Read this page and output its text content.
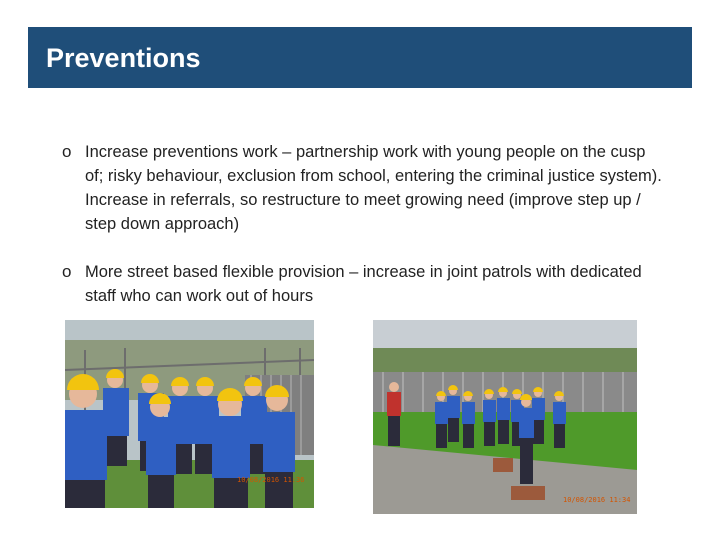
Preventions
o Increase preventions work – partnership work with young people on the cusp of; risky behaviour, exclusion from school, entering the criminal justice system). Increase in referrals, so restructure to meet growing need (improve step up / step down approach)
o More street based flexible provision – increase in joint patrols with dedicated staff who can work out of hours
10/08/2016 11:36
10/08/2016 11:34
